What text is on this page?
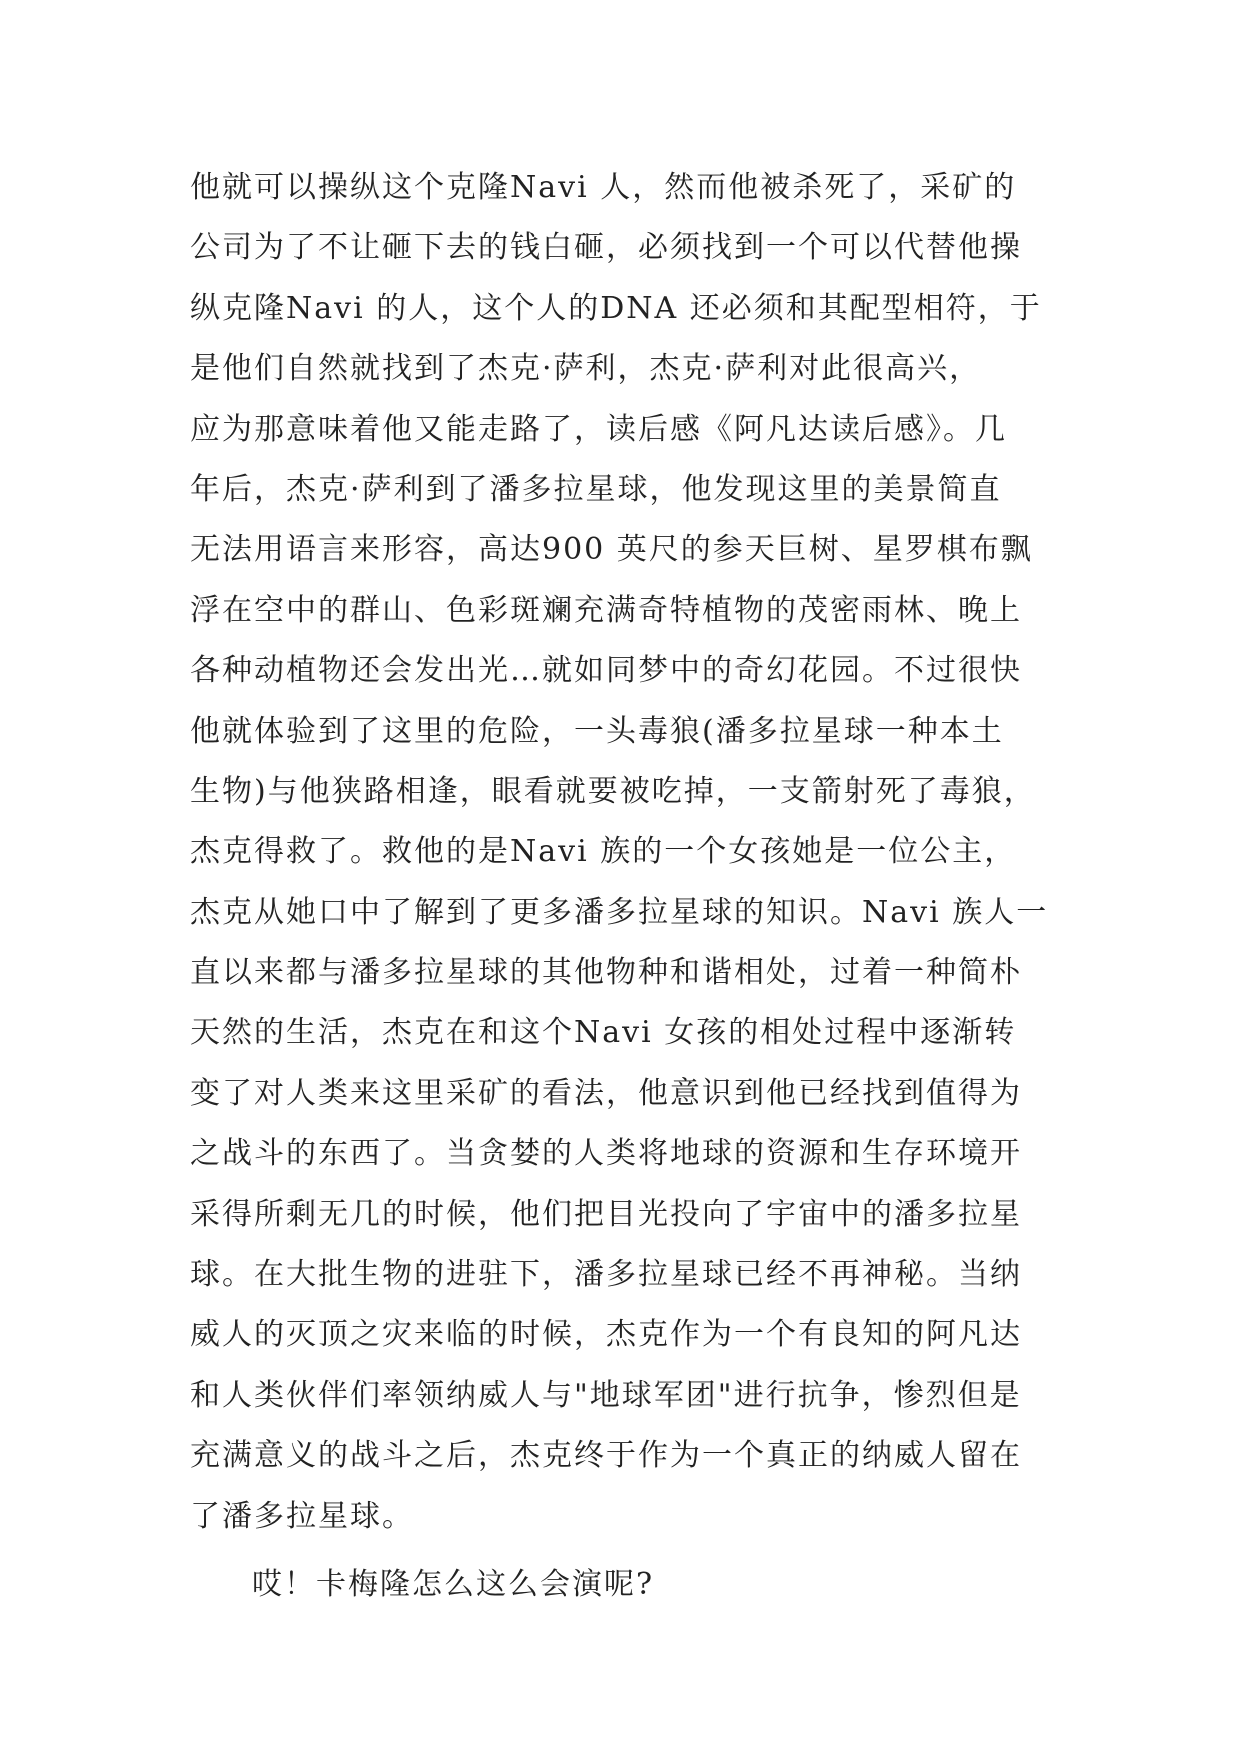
他就可以操纵这个克隆Navi 人，然而他被杀死了，采矿的
公司为了不让砸下去的钱白砸，必须找到一个可以代替他操
纵克隆Navi 的人，这个人的DNA 还必须和其配型相符，于
是他们自然就找到了杰克·萨利，杰克·萨利对此很高兴，
应为那意味着他又能走路了，读后感《阿凡达读后感》。几
年后，杰克·萨利到了潘多拉星球，他发现这里的美景简直
无法用语言来形容，高达900 英尺的参天巨树、星罗棋布飘
浮在空中的群山、色彩斑斓充满奇特植物的茂密雨林、晚上
各种动植物还会发出光…就如同梦中的奇幻花园。不过很快
他就体验到了这里的危险，一头毒狼(潘多拉星球一种本土
生物)与他狭路相逢，眼看就要被吃掉，一支箭射死了毒狼，
杰克得救了。救他的是Navi 族的一个女孩她是一位公主，
杰克从她口中了解到了更多潘多拉星球的知识。Navi 族人一
直以来都与潘多拉星球的其他物种和谐相处，过着一种简朴
天然的生活，杰克在和这个Navi 女孩的相处过程中逐渐转
变了对人类来这里采矿的看法，他意识到他已经找到值得为
之战斗的东西了。当贪婪的人类将地球的资源和生存环境开
采得所剩无几的时候，他们把目光投向了宇宙中的潘多拉星
球。在大批生物的进驻下，潘多拉星球已经不再神秘。当纳
威人的灭顶之灾来临的时候，杰克作为一个有良知的阿凡达
和人类伙伴们率领纳威人与"地球军团"进行抗争，惨烈但是
充满意义的战斗之后，杰克终于作为一个真正的纳威人留在
了潘多拉星球。
哎！卡梅隆怎么这么会演呢?
